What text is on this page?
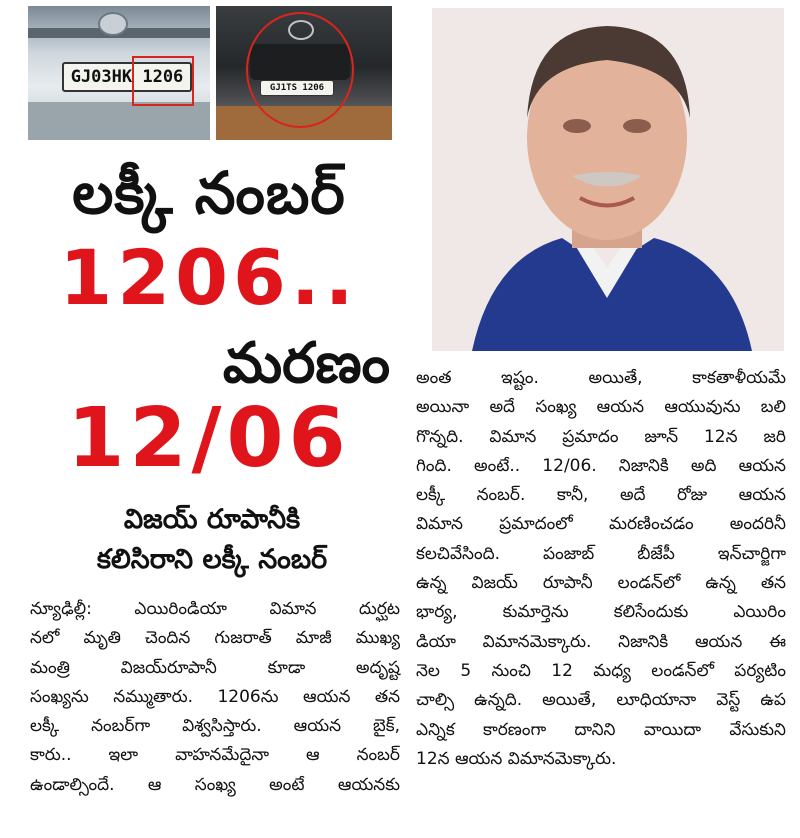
GJ03HK 1206
GJ1TS 1206
లక్కీ నంబర్
1206..
మరణం
12/06
విజయ్ రూపానీకి
కలిసిరాని లక్కీ నంబర్

న్యూఢిల్లీ: ఎయిరిండియా విమాన దుర్ఘట

నలో మృతి చెందిన గుజరాత్ మాజీ ముఖ్య

మంత్రి విజయ్‌రూపానీ కూడా అదృష్ట

సంఖ్యను నమ్ముతారు. 1206ను ఆయన తన

లక్కీ నంబర్‌గా విశ్వసిస్తారు. ఆయన బైక్,

కారు.. ఇలా వాహనమేదైనా ఆ నంబర్

ఉండాల్సిందే. ఆ సంఖ్య అంటే ఆయనకు

అంత ఇష్టం. అయితే, కాకతాళీయమే

అయినా అదే సంఖ్య ఆయన ఆయువును బలి

గొన్నది. విమాన ప్రమాదం జూన్ 12న జరి

గింది. అంటే.. 12/06. నిజానికి అది ఆయన

లక్కీ నంబర్. కానీ, అదే రోజు ఆయన

విమాన ప్రమాదంలో మరణించడం అందరినీ

కలచివేసింది. పంజాబ్ బీజేపీ ఇన్‌చార్జిగా

ఉన్న విజయ్ రూపానీ లండన్‌లో ఉన్న తన

భార్య, కుమార్తెను కలిసేందుకు ఎయిరిం

డియా విమానమెక్కారు. నిజానికి ఆయన ఈ

నెల 5 నుంచి 12 మధ్య లండన్‌లో పర్యటిం

చాల్సి ఉన్నది. అయితే, లూధియానా వెస్ట్ ఉప

ఎన్నిక కారణంగా దానిని వాయిదా వేసుకుని

12న ఆయన విమానమెక్కారు.
